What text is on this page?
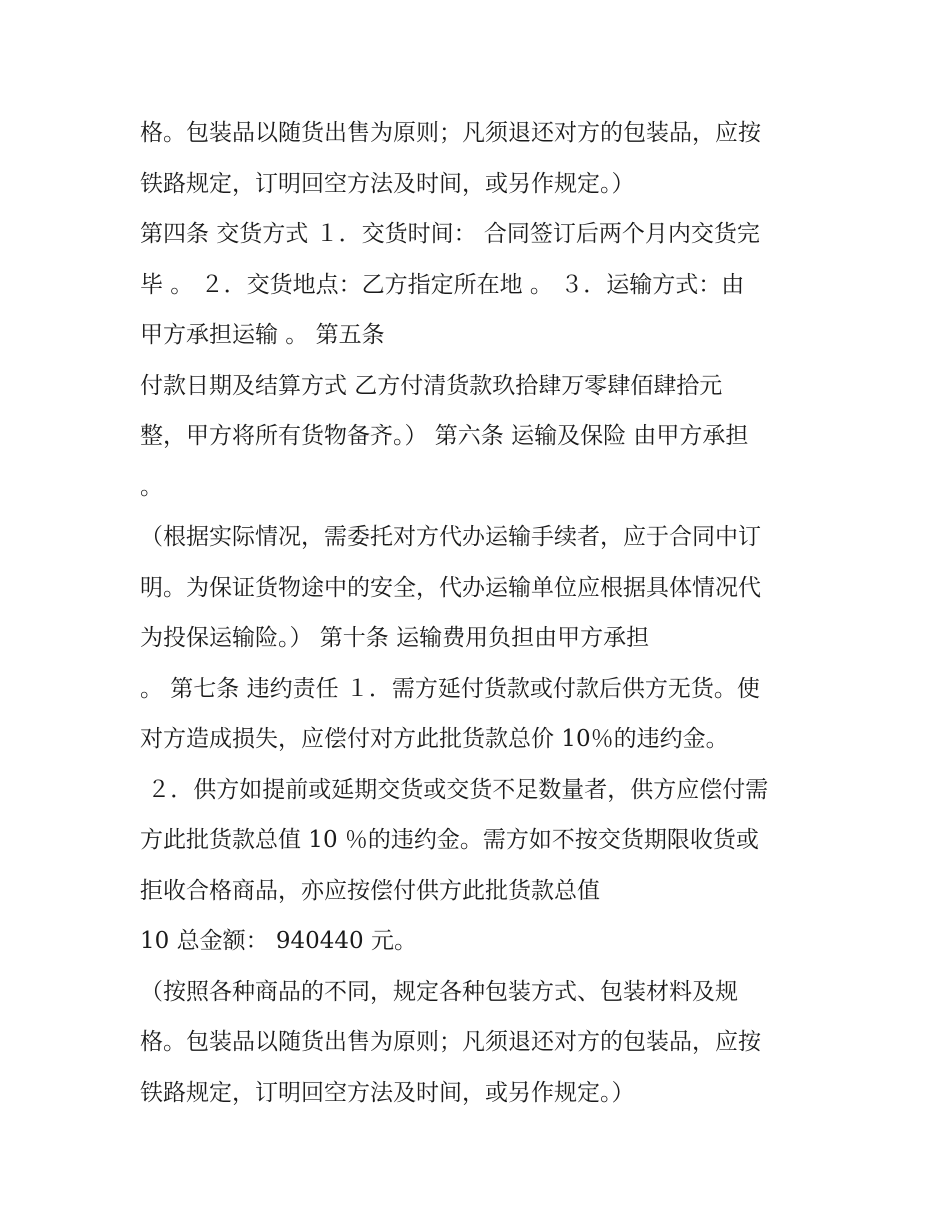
格。包装品以随货出售为原则；凡须退还对方的包装品，应按
铁路规定，订明回空方法及时间，或另作规定。）
第四条 交货方式 １．交货时间： 合同签订后两个月内交货完
毕 。 ２．交货地点：乙方指定所在地 。 ３．运输方式：由
甲方承担运输 。 第五条
付款日期及结算方式 乙方付清货款玖拾肆万零肆佰肆拾元
整，甲方将所有货物备齐。） 第六条 运输及保险 由甲方承担
。
（根据实际情况，需委托对方代办运输手续者，应于合同中订
明。为保证货物途中的安全，代办运输单位应根据具体情况代
为投保运输险。） 第十条 运输费用负担由甲方承担
。 第七条 违约责任 １．需方延付货款或付款后供方无货。使
对方造成损失，应偿付对方此批货款总价 10％的违约金。
２．供方如提前或延期交货或交货不足数量者，供方应偿付需
方此批货款总值 10 ％的违约金。需方如不按交货期限收货或
拒收合格商品，亦应按偿付供方此批货款总值
10 总金额： 940440 元。
（按照各种商品的不同，规定各种包装方式、包装材料及规
格。包装品以随货出售为原则；凡须退还对方的包装品，应按
铁路规定，订明回空方法及时间，或另作规定。）
